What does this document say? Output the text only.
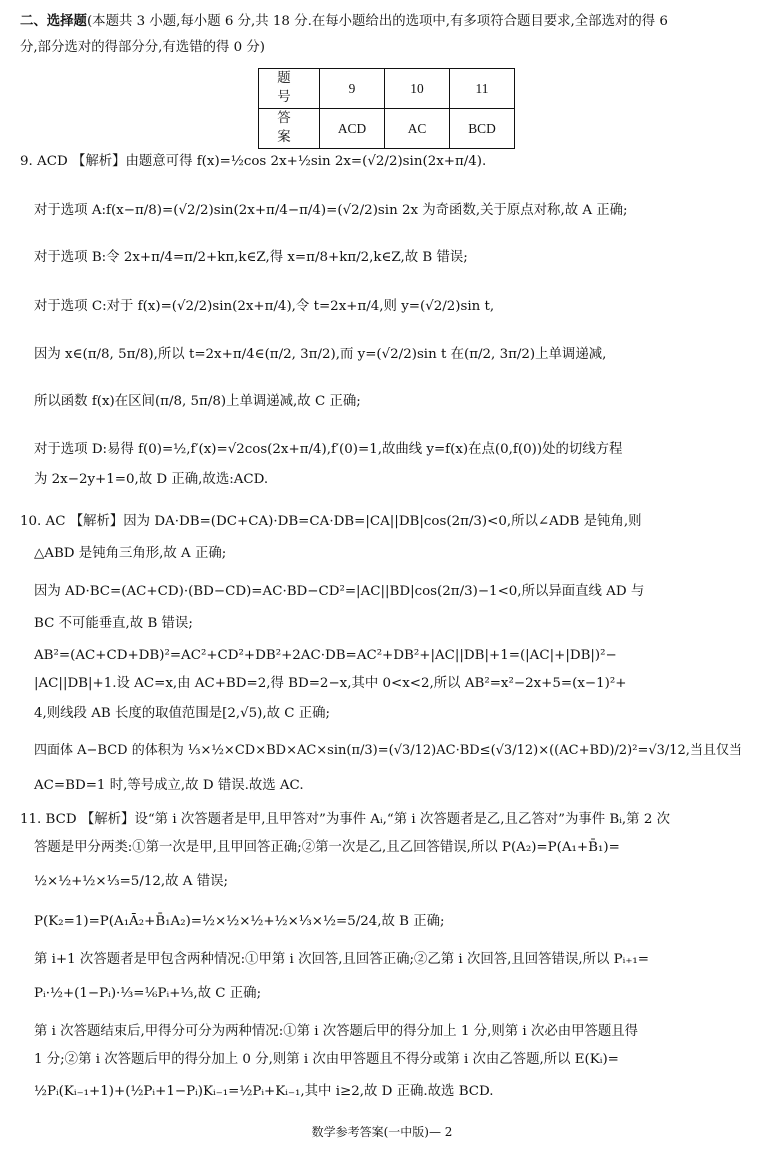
二、选择题(本题共 3 小题,每小题 6 分,共 18 分.在每小题给出的选项中,有多项符合题目要求,全部选对的得 6
分,部分选对的得部分分,有选错的得 0 分)
题 号	9	10	11
答 案	ACD	AC	BCD
9. ACD 【解析】由题意可得 f(x)=½cos 2x+½sin 2x=(√2/2)sin(2x+π/4).
对于选项 A:f(x−π/8)=(√2/2)sin(2x+π/4−π/4)=(√2/2)sin 2x 为奇函数,关于原点对称,故 A 正确;
对于选项 B:令 2x+π/4=π/2+kπ,k∈Z,得 x=π/8+kπ/2,k∈Z,故 B 错误;
对于选项 C:对于 f(x)=(√2/2)sin(2x+π/4),令 t=2x+π/4,则 y=(√2/2)sin t,
因为 x∈(π/8, 5π/8),所以 t=2x+π/4∈(π/2, 3π/2),而 y=(√2/2)sin t 在(π/2, 3π/2)上单调递减,
所以函数 f(x)在区间(π/8, 5π/8)上单调递减,故 C 正确;
对于选项 D:易得 f(0)=½,f′(x)=√2cos(2x+π/4),f′(0)=1,故曲线 y=f(x)在点(0,f(0))处的切线方程
为 2x−2y+1=0,故 D 正确,故选:ACD.
10. AC 【解析】因为 DA·DB=(DC+CA)·DB=CA·DB=|CA||DB|cos(2π/3)<0,所以∠ADB 是钝角,则
△ABD 是钝角三角形,故 A 正确;
因为 AD·BC=(AC+CD)·(BD−CD)=AC·BD−CD²=|AC||BD|cos(2π/3)−1<0,所以异面直线 AD 与
BC 不可能垂直,故 B 错误;
AB²=(AC+CD+DB)²=AC²+CD²+DB²+2AC·DB=AC²+DB²+|AC||DB|+1=(|AC|+|DB|)²−
|AC||DB|+1.设 AC=x,由 AC+BD=2,得 BD=2−x,其中 0<x<2,所以 AB²=x²−2x+5=(x−1)²+
4,则线段 AB 长度的取值范围是[2,√5),故 C 正确;
四面体 A−BCD 的体积为 ⅓×½×CD×BD×AC×sin(π/3)=(√3/12)AC·BD≤(√3/12)×((AC+BD)/2)²=√3/12,当且仅当
AC=BD=1 时,等号成立,故 D 错误.故选 AC.
11. BCD 【解析】设“第 i 次答题者是甲,且甲答对”为事件 Aᵢ,“第 i 次答题者是乙,且乙答对”为事件 Bᵢ,第 2 次
答题是甲分两类:①第一次是甲,且甲回答正确;②第一次是乙,且乙回答错误,所以 P(A₂)=P(A₁+B̄₁)=
½×½+½×⅓=5/12,故 A 错误;
P(K₂=1)=P(A₁Ā₂+B̄₁A₂)=½×½×½+½×⅓×½=5/24,故 B 正确;
第 i+1 次答题者是甲包含两种情况:①甲第 i 次回答,且回答正确;②乙第 i 次回答,且回答错误,所以 Pᵢ₊₁=
Pᵢ·½+(1−Pᵢ)·⅓=⅙Pᵢ+⅓,故 C 正确;
第 i 次答题结束后,甲得分可分为两种情况:①第 i 次答题后甲的得分加上 1 分,则第 i 次必由甲答题且得
1 分;②第 i 次答题后甲的得分加上 0 分,则第 i 次由甲答题且不得分或第 i 次由乙答题,所以 E(Kᵢ)=
½Pᵢ(Kᵢ₋₁+1)+(½Pᵢ+1−Pᵢ)Kᵢ₋₁=½Pᵢ+Kᵢ₋₁,其中 i≥2,故 D 正确.故选 BCD.
数学参考答案(一中版)— 2
